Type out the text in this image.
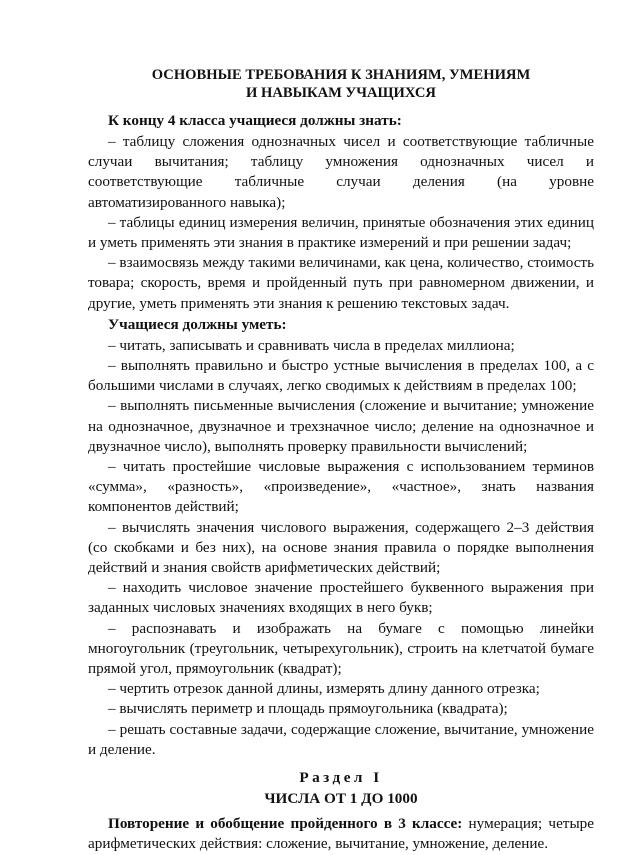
ОСНОВНЫЕ ТРЕБОВАНИЯ К ЗНАНИЯМ, УМЕНИЯМ
И НАВЫКАМ УЧАЩИХСЯ

К концу 4 класса учащиеся должны знать:

– таблицу сложения однозначных чисел и соответствующие табличные случаи вычитания; таблицу умножения однозначных чисел и соответствующие табличные случаи деления (на уровне автоматизированного навыка);

– таблицы единиц измерения величин, принятые обозначения этих единиц и уметь применять эти знания в практике измерений и при решении задач;

– взаимосвязь между такими величинами, как цена, количество, стоимость товара; скорость, время и пройденный путь при равномерном движении, и другие, уметь применять эти знания к решению текстовых задач.

Учащиеся должны уметь:

– читать, записывать и сравнивать числа в пределах миллиона;

– выполнять правильно и быстро устные вычисления в пределах 100, а с большими числами в случаях, легко сводимых к действиям в пределах 100;

– выполнять письменные вычисления (сложение и вычитание; умножение на однозначное, двузначное и трехзначное число; деление на однозначное и двузначное число), выполнять проверку правильности вычислений;

– читать простейшие числовые выражения с использованием терминов «сумма», «разность», «произведение», «частное», знать названия компонентов действий;

– вычислять значения числового выражения, содержащего 2–3 действия (со скобками и без них), на основе знания правила о порядке выполнения действий и знания свойств арифметических действий;

– находить числовое значение простейшего буквенного выражения при заданных числовых значениях входящих в него букв;

– распознавать и изображать на бумаге с помощью линейки многоугольник (треугольник, четырехугольник), строить на клетчатой бумаге прямой угол, прямоугольник (квадрат);

– чертить отрезок данной длины, измерять длину данного отрезка;

– вычислять периметр и площадь прямоугольника (квадрата);

– решать составные задачи, содержащие сложение, вычитание, умножение и деление.

Раздел I
ЧИСЛА ОТ 1 ДО 1000

Повторение и обобщение пройденного в 3 классе: нумерация; четыре арифметических действия: сложение, вычитание, умножение, деление.
